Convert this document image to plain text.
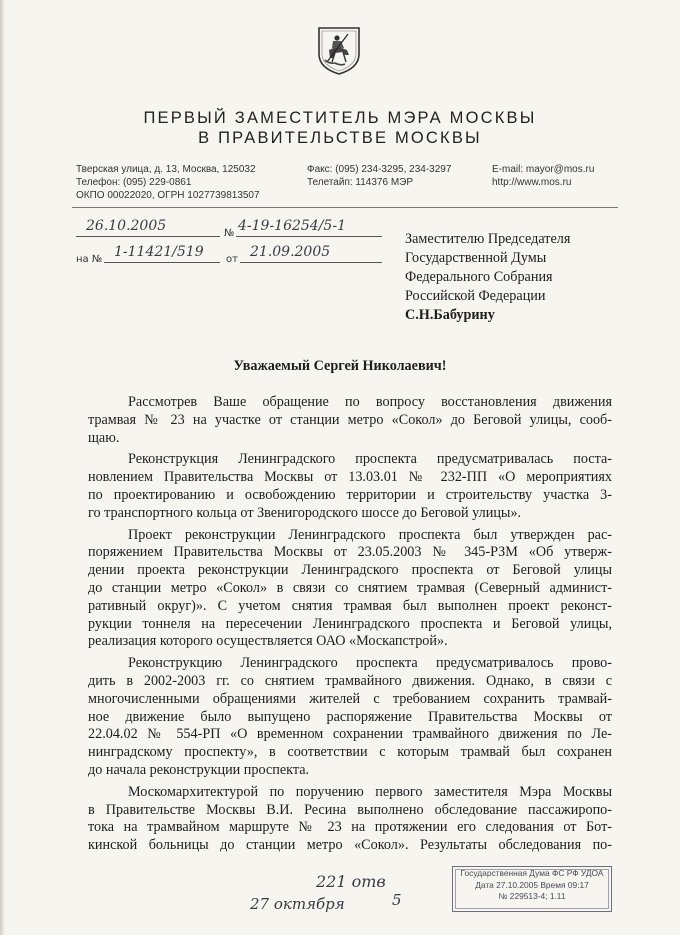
ПЕРВЫЙ ЗАМЕСТИТЕЛЬ МЭРА МОСКВЫ
В ПРАВИТЕЛЬСТВЕ МОСКВЫ
Тверская улица, д. 13, Москва, 125032
Телефон: (095) 229-0861
ОКПО 00022020, ОГРН 1027739813507
Факс: (095) 234-3295, 234-3297
Телетайп: 114376 МЭР
E-mail: mayor@mos.ru
http://www.mos.ru
26.10.2005	№ 4-19-16254/5-1
на № 1-11421/519 от 21.09.2005
Заместителю Председателя
Государственной Думы
Федерального Собрания
Российской Федерации
С.Н.Бабурину
Уважаемый Сергей Николаевич!
Рассмотрев Ваше обращение по вопросу восстановления движения
трамвая № 23 на участке от станции метро «Сокол» до Беговой улицы, сооб-
щаю.
Реконструкция Ленинградского проспекта предусматривалась поста-
новлением Правительства Москвы от 13.03.01 № 232-ПП «О мероприятиях
по проектированию и освобождению территории и строительству участка 3-
го транспортного кольца от Звенигородского шоссе до Беговой улицы».
Проект реконструкции Ленинградского проспекта был утвержден рас-
поряжением Правительства Москвы от 23.05.2003 № 345-РЗМ «Об утверж-
дении проекта реконструкции Ленинградского проспекта от Беговой улицы
до станции метро «Сокол» в связи со снятием трамвая (Северный админист-
ративный округ)». С учетом снятия трамвая был выполнен проект реконст-
рукции тоннеля на пересечении Ленинградского проспекта и Беговой улицы,
реализация которого осуществляется ОАО «Москапстрой».
Реконструкцию Ленинградского проспекта предусматривалось прово-
дить в 2002-2003 гг. со снятием трамвайного движения. Однако, в связи с
многочисленными обращениями жителей с требованием сохранить трамвай-
ное движение было выпущено распоряжение Правительства Москвы от
22.04.02 № 554-РП «О временном сохранении трамвайного движения по Ле-
нинградскому проспекту», в соответствии с которым трамвай был сохранен
до начала реконструкции проспекта.
Москомархитектурой по поручению первого заместителя Мэра Москвы
в Правительстве Москвы В.И. Ресина выполнено обследование пассажиропо-
тока на трамвайном маршруте № 23 на протяжении его следования от Бот-
кинской больницы до станции метро «Сокол». Результаты обследования по-
221 отв
27 октября	5
Государственная Дума ФС РФ УДОА
Дата 27.10.2005 Время 09:17
№ 229513-4; 1.11
